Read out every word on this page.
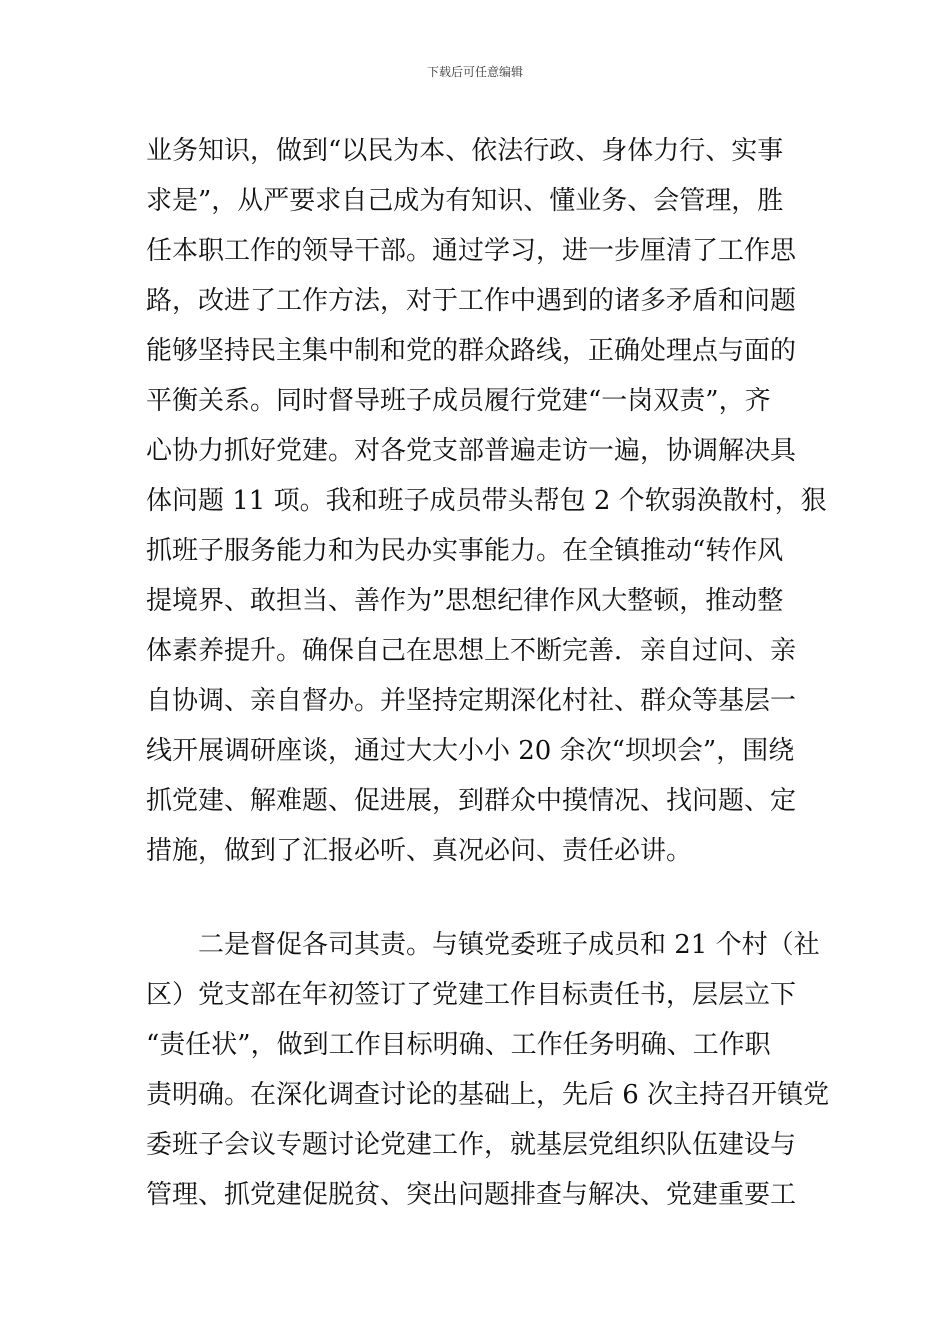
下载后可任意编辑
业务知识，做到“以民为本、依法行政、身体力行、实事
求是”，从严要求自己成为有知识、懂业务、会管理，胜
任本职工作的领导干部。通过学习，进一步厘清了工作思
路，改进了工作方法，对于工作中遇到的诸多矛盾和问题
能够坚持民主集中制和党的群众路线，正确处理点与面的
平衡关系。同时督导班子成员履行党建“一岗双责”，齐
心协力抓好党建。对各党支部普遍走访一遍，协调解决具
体问题 11 项。我和班子成员带头帮包 2 个软弱涣散村，狠
抓班子服务能力和为民办实事能力。在全镇推动“转作风
提境界、敢担当、善作为”思想纪律作风大整顿，推动整
体素养提升。确保自己在思想上不断完善．亲自过问、亲
自协调、亲自督办。并坚持定期深化村社、群众等基层一
线开展调研座谈，通过大大小小 20 余次“坝坝会”，围绕
抓党建、解难题、促进展，到群众中摸情况、找问题、定
措施，做到了汇报必听、真况必问、责任必讲。
　　二是督促各司其责。与镇党委班子成员和 21 个村（社
区）党支部在年初签订了党建工作目标责任书，层层立下
“责任状”，做到工作目标明确、工作任务明确、工作职
责明确。在深化调查讨论的基础上，先后 6 次主持召开镇党
委班子会议专题讨论党建工作，就基层党组织队伍建设与
管理、抓党建促脱贫、突出问题排查与解决、党建重要工
